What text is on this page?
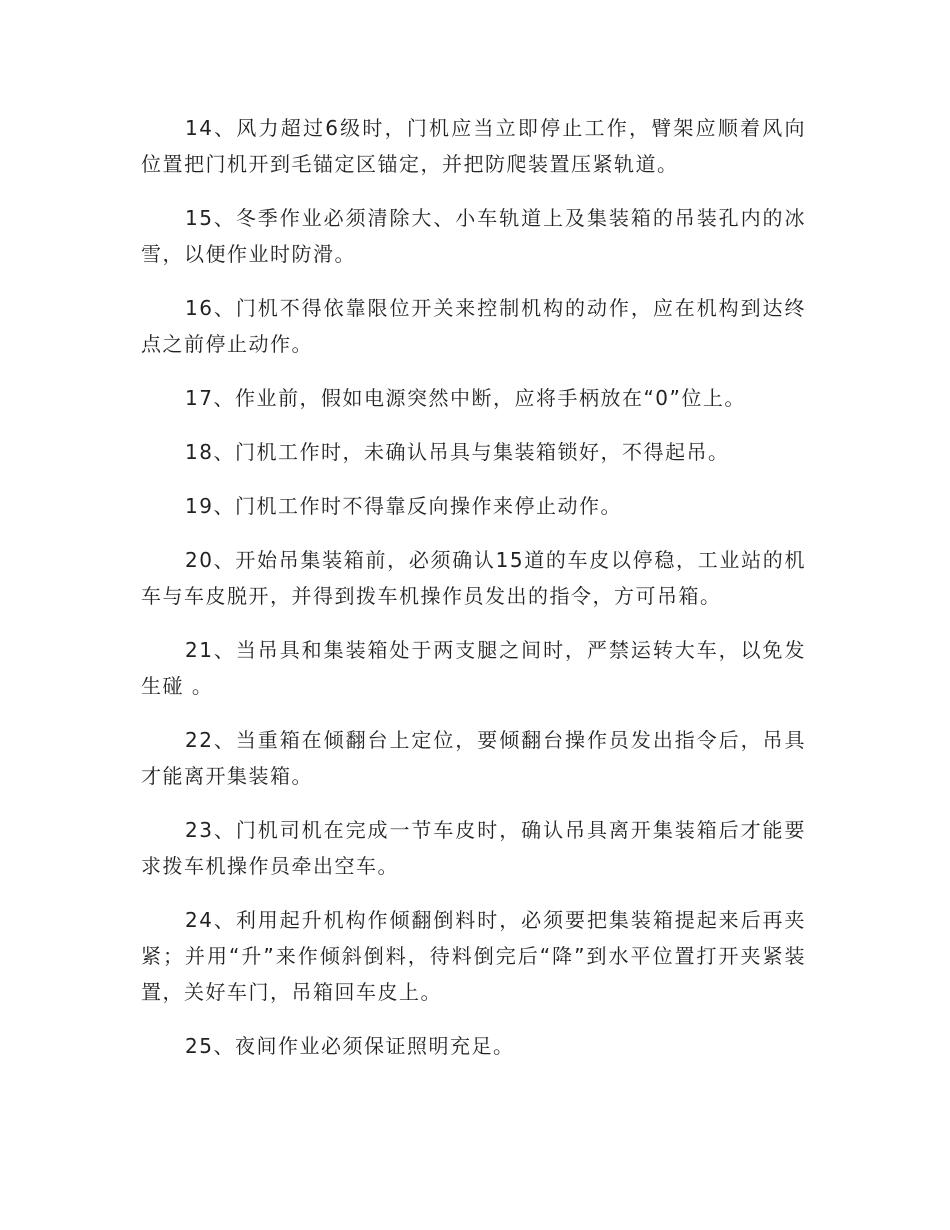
14、风力超过6级时，门机应当立即停止工作，臂架应顺着风向位置把门机开到毛锚定区锚定，并把防爬装置压紧轨道。

15、冬季作业必须清除大、小车轨道上及集装箱的吊装孔内的冰雪，以便作业时防滑。

16、门机不得依靠限位开关来控制机构的动作，应在机构到达终点之前停止动作。

17、作业前，假如电源突然中断，应将手柄放在“0”位上。

18、门机工作时，未确认吊具与集装箱锁好，不得起吊。

19、门机工作时不得靠反向操作来停止动作。

20、开始吊集装箱前，必须确认15道的车皮以停稳，工业站的机车与车皮脱开，并得到拨车机操作员发出的指令，方可吊箱。

21、当吊具和集装箱处于两支腿之间时，严禁运转大车，以免发生碰 。

22、当重箱在倾翻台上定位，要倾翻台操作员发出指令后，吊具才能离开集装箱。

23、门机司机在完成一节车皮时，确认吊具离开集装箱后才能要求拨车机操作员牵出空车。

24、利用起升机构作倾翻倒料时，必须要把集装箱提起来后再夹紧；并用“升”来作倾斜倒料，待料倒完后“降”到水平位置打开夹紧装置，关好车门，吊箱回车皮上。

25、夜间作业必须保证照明充足。
